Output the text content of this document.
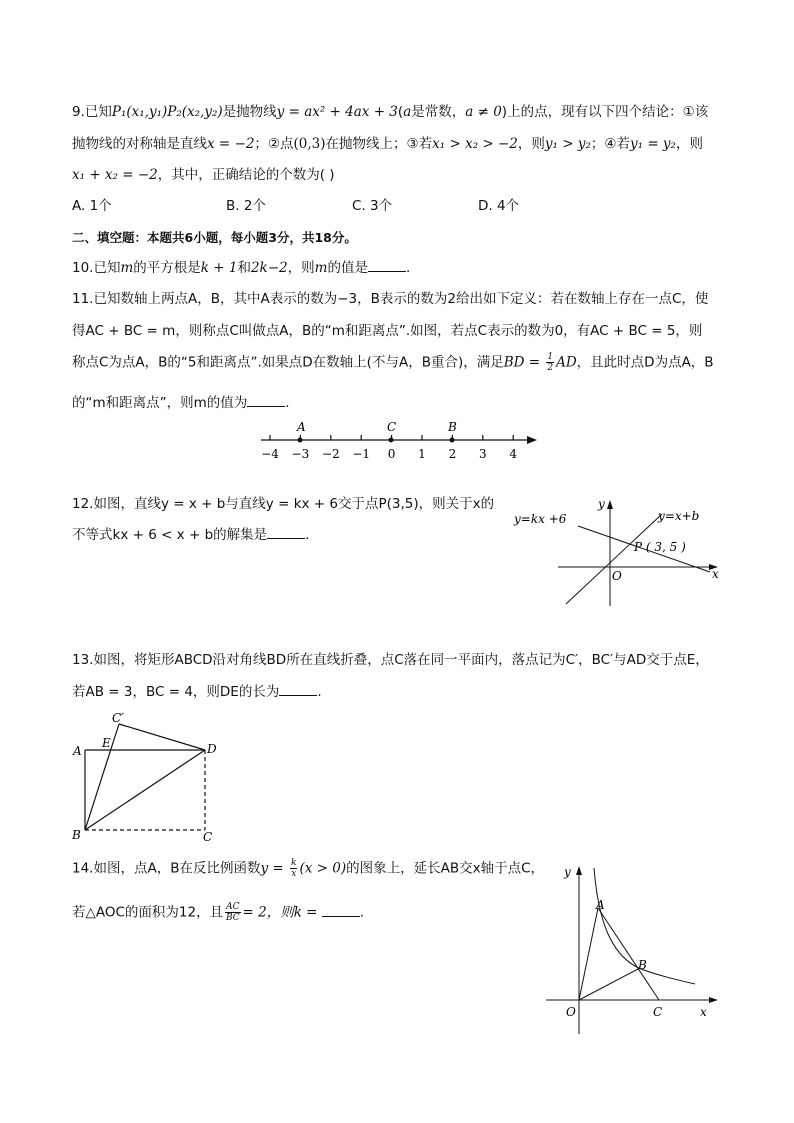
9.已知P₁(x₁,y₁)P₂(x₂,y₂)是抛物线y = ax² + 4ax + 3(a是常数，a ≠ 0)上的点，现有以下四个结论：①该
抛物线的对称轴是直线x = −2；②点(0,3)在抛物线上；③若x₁ > x₂ > −2，则y₁ > y₂；④若y₁ = y₂，则
x₁ + x₂ = −2，其中，正确结论的个数为( )
A. 1个	B. 2个	C. 3个	D. 4个
二、填空题：本题共6小题，每小题3分，共18分。
10.已知m的平方根是k + 1和2k−2，则m的值是	.
11.已知数轴上两点A，B，其中A表示的数为−3，B表示的数为2给出如下定义：若在数轴上存在一点C，使
得AC + BC = m，则称点C叫做点A，B的“m和距离点”.如图，若点C表示的数为0，有AC + BC = 5，则
称点C为点A，B的“5和距离点”.如果点D在数轴上(不与A，B重合)，满足BD = $\frac{1}{2}$ AD，且此时点D为点A，B
的“m和距离点”，则m的值为	.
−4 −3 −2 −1 0 1 2 3 4
A	C	B
12.如图，直线y = x + b与直线y = kx + 6交于点P(3,5)，则关于x的
不等式kx + 6 < x + b的解集是	.
y=kx +6	y=x+b
P ( 3, 5 )
O	x
y
13.如图，将矩形ABCD沿对角线BD所在直线折叠，点C落在同一平面内，落点记为C′，BC′与AD交于点E，
若AB = 3，BC = 4，则DE的长为	.
A
E
C′
D
B	C
14.如图，点A，B在反比例函数$y = \frac{k}{x} (x > 0)$的图象上，延长AB交x轴于点C，
若△AOC的面积为12，且 $\frac{AC}{BC} = 2$，则k =	.	A
B
O	C	x
y
